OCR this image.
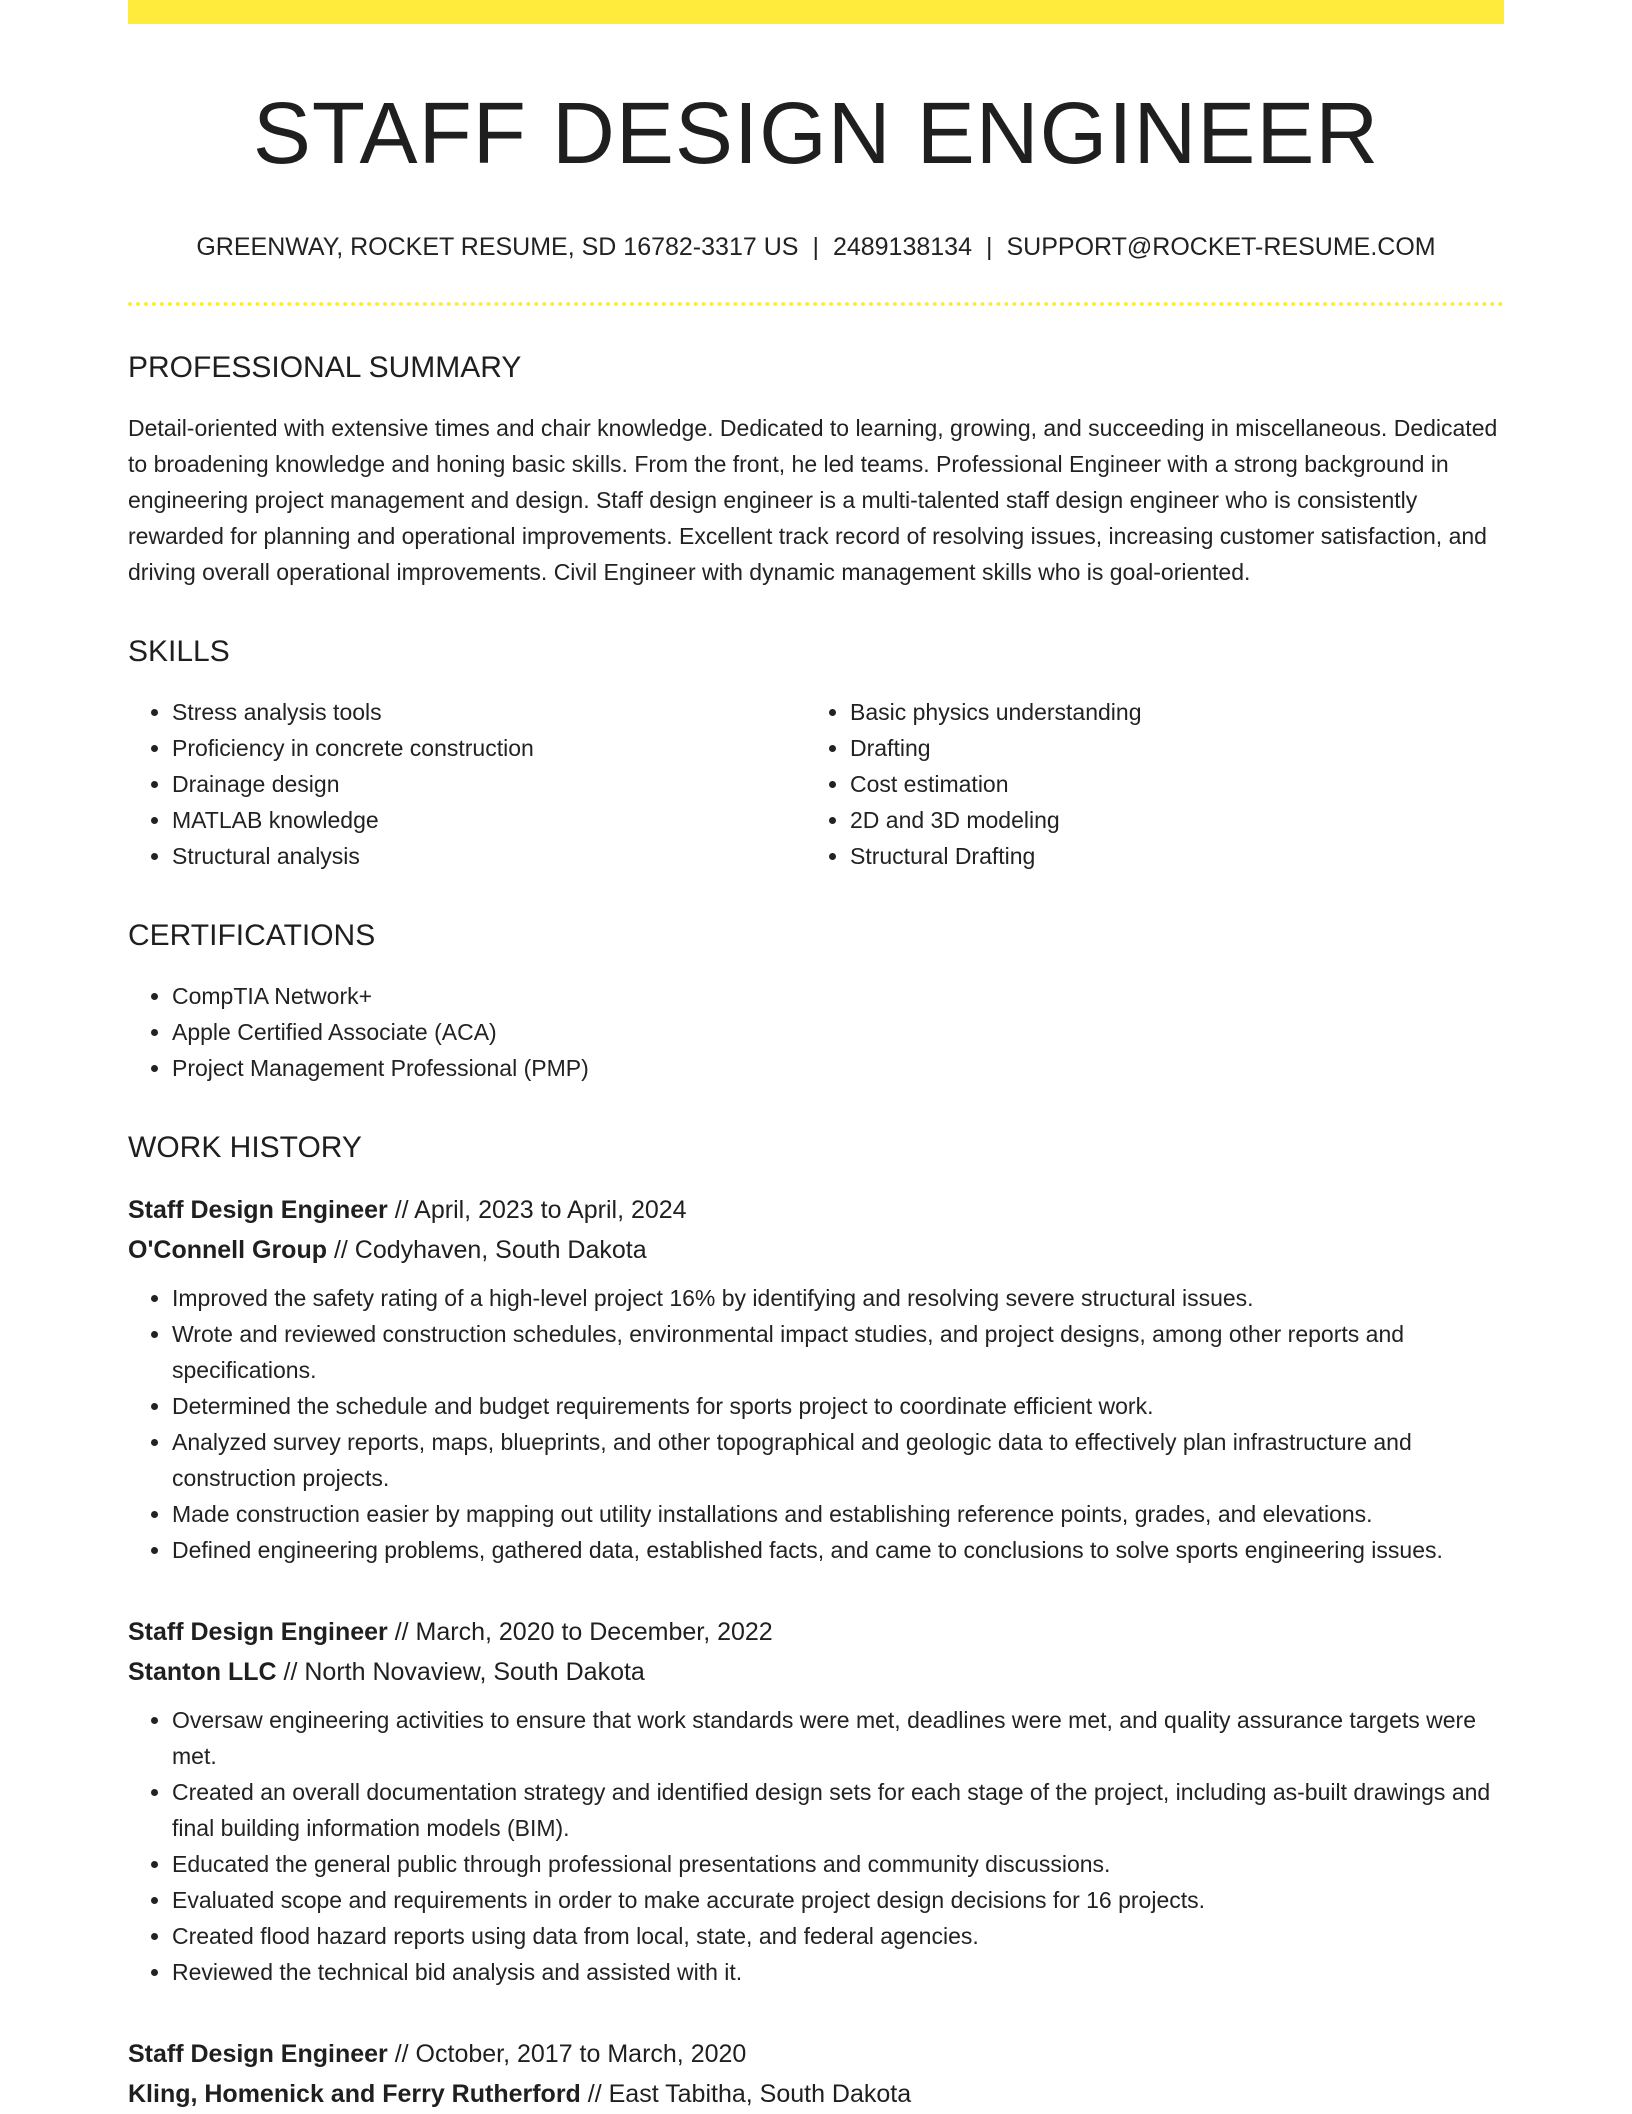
STAFF DESIGN ENGINEER
GREENWAY, ROCKET RESUME, SD 16782-3317 US | 2489138134 | SUPPORT@ROCKET-RESUME.COM
PROFESSIONAL SUMMARY
Detail-oriented with extensive times and chair knowledge. Dedicated to learning, growing, and succeeding in miscellaneous. Dedicated to broadening knowledge and honing basic skills. From the front, he led teams. Professional Engineer with a strong background in engineering project management and design. Staff design engineer is a multi-talented staff design engineer who is consistently rewarded for planning and operational improvements. Excellent track record of resolving issues, increasing customer satisfaction, and driving overall operational improvements. Civil Engineer with dynamic management skills who is goal-oriented.
SKILLS
• Stress analysis tools
• Proficiency in concrete construction
• Drainage design
• MATLAB knowledge
• Structural analysis
• Basic physics understanding
• Drafting
• Cost estimation
• 2D and 3D modeling
• Structural Drafting
CERTIFICATIONS
• CompTIA Network+
• Apple Certified Associate (ACA)
• Project Management Professional (PMP)
WORK HISTORY
Staff Design Engineer // April, 2023 to April, 2024
O'Connell Group // Codyhaven, South Dakota
• Improved the safety rating of a high-level project 16% by identifying and resolving severe structural issues.
• Wrote and reviewed construction schedules, environmental impact studies, and project designs, among other reports and specifications.
• Determined the schedule and budget requirements for sports project to coordinate efficient work.
• Analyzed survey reports, maps, blueprints, and other topographical and geologic data to effectively plan infrastructure and construction projects.
• Made construction easier by mapping out utility installations and establishing reference points, grades, and elevations.
• Defined engineering problems, gathered data, established facts, and came to conclusions to solve sports engineering issues.
Staff Design Engineer // March, 2020 to December, 2022
Stanton LLC // North Novaview, South Dakota
• Oversaw engineering activities to ensure that work standards were met, deadlines were met, and quality assurance targets were met.
• Created an overall documentation strategy and identified design sets for each stage of the project, including as-built drawings and final building information models (BIM).
• Educated the general public through professional presentations and community discussions.
• Evaluated scope and requirements in order to make accurate project design decisions for 16 projects.
• Created flood hazard reports using data from local, state, and federal agencies.
• Reviewed the technical bid analysis and assisted with it.
Staff Design Engineer // October, 2017 to March, 2020
Kling, Homenick and Ferry Rutherford // East Tabitha, South Dakota
